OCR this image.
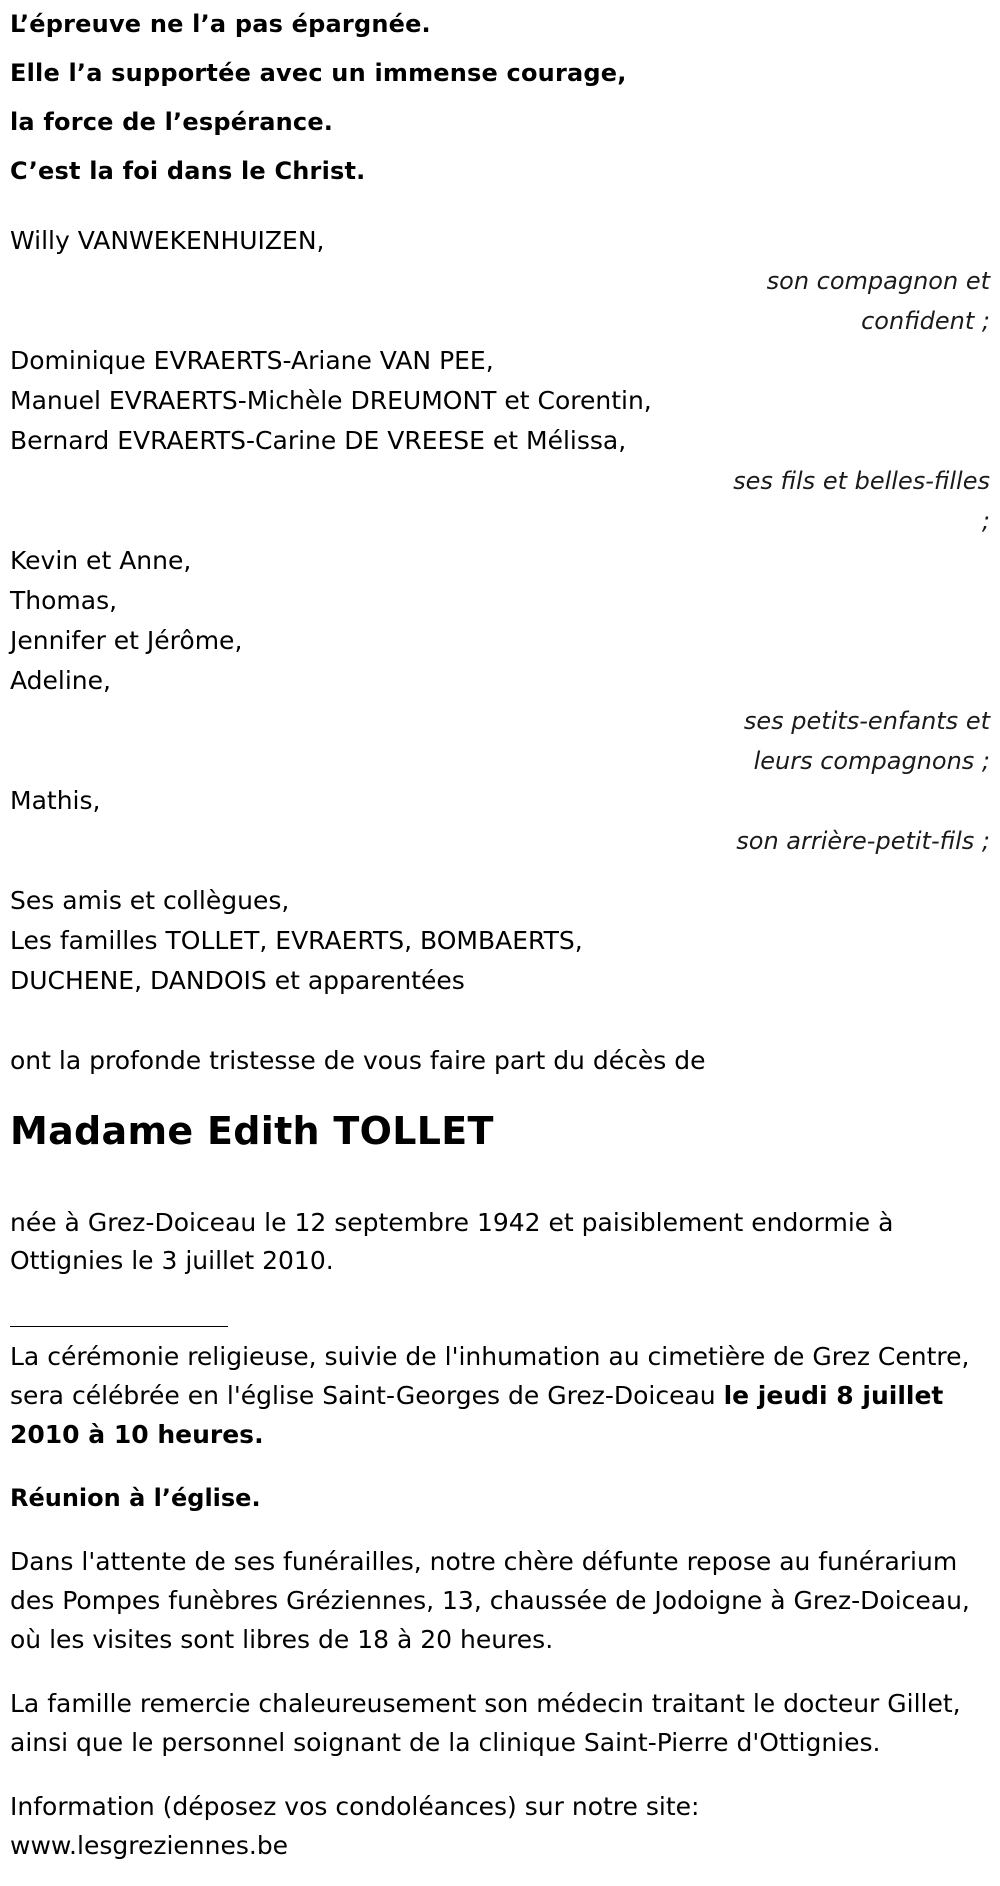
L’épreuve ne l’a pas épargnée.

Elle l’a supportée avec un immense courage,

la force de l’espérance.

C’est la foi dans le Christ.

Willy VANWEKENHUIZEN,

son compagnon et confident ;

Dominique EVRAERTS-Ariane VAN PEE,

Manuel EVRAERTS-Michèle DREUMONT et Corentin,

Bernard EVRAERTS-Carine DE VREESE et Mélissa,

ses fils et belles-filles ;

Kevin et Anne,

Thomas,

Jennifer et Jérôme,

Adeline,

ses petits-enfants et leurs compagnons ;

Mathis,

son arrière-petit-fils ;

Ses amis et collègues,

Les familles TOLLET, EVRAERTS, BOMBAERTS,

DUCHENE, DANDOIS et apparentées

ont la profonde tristesse de vous faire part du décès de

Madame Edith TOLLET

née à Grez-Doiceau le 12 septembre 1942 et paisiblement endormie à Ottignies le 3 juillet 2010.

La cérémonie religieuse, suivie de l'inhumation au cimetière de Grez Centre, sera célébrée en l'église Saint-Georges de Grez-Doiceau le jeudi 8 juillet 2010 à 10 heures.

Réunion à l’église.

Dans l'attente de ses funérailles, notre chère défunte repose au funérarium des Pompes funèbres Gréziennes, 13, chaussée de Jodoigne à Grez-Doiceau, où les visites sont libres de 18 à 20 heures.

La famille remercie chaleureusement son médecin traitant le docteur Gillet, ainsi que le personnel soignant de la clinique Saint-Pierre d'Ottignies.

Information (déposez vos condoléances) sur notre site:
www.lesgreziennes.be
